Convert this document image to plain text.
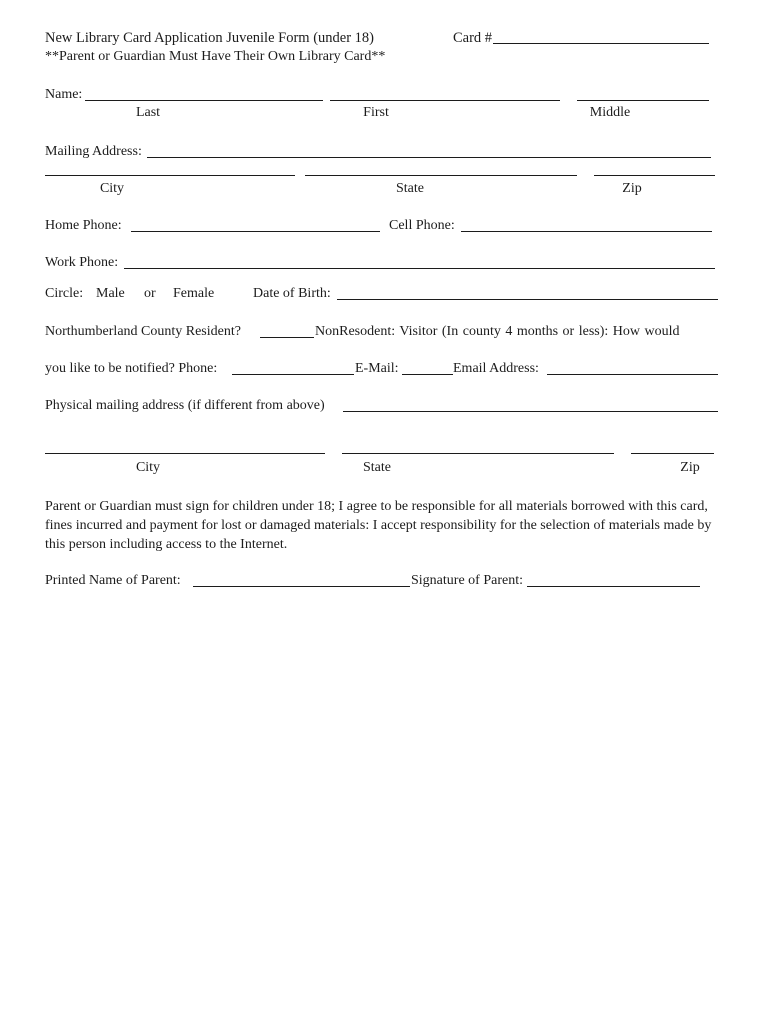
New Library Card Application Juvenile Form (under 18)	Card #
**Parent or Guardian Must Have Their Own Library Card**
Name:
Last	First	Middle
Mailing Address:
City	State	Zip
Home Phone:	Cell Phone:
Work Phone:
Circle: Male or Female	Date of Birth:
Northumberland County Resident?	NonResodent: Visitor (In county 4 months or less): How would
you like to be notified? Phone:	E-Mail:	Email Address:
Physical mailing address (if different from above)
City	State	Zip
Parent or Guardian must sign for children under 18; I agree to be responsible for all materials borrowed with this card, fines incurred and payment for lost or damaged materials: I accept responsibility for the selection of materials made by this person including access to the Internet.
Printed Name of Parent:	Signature of Parent:
